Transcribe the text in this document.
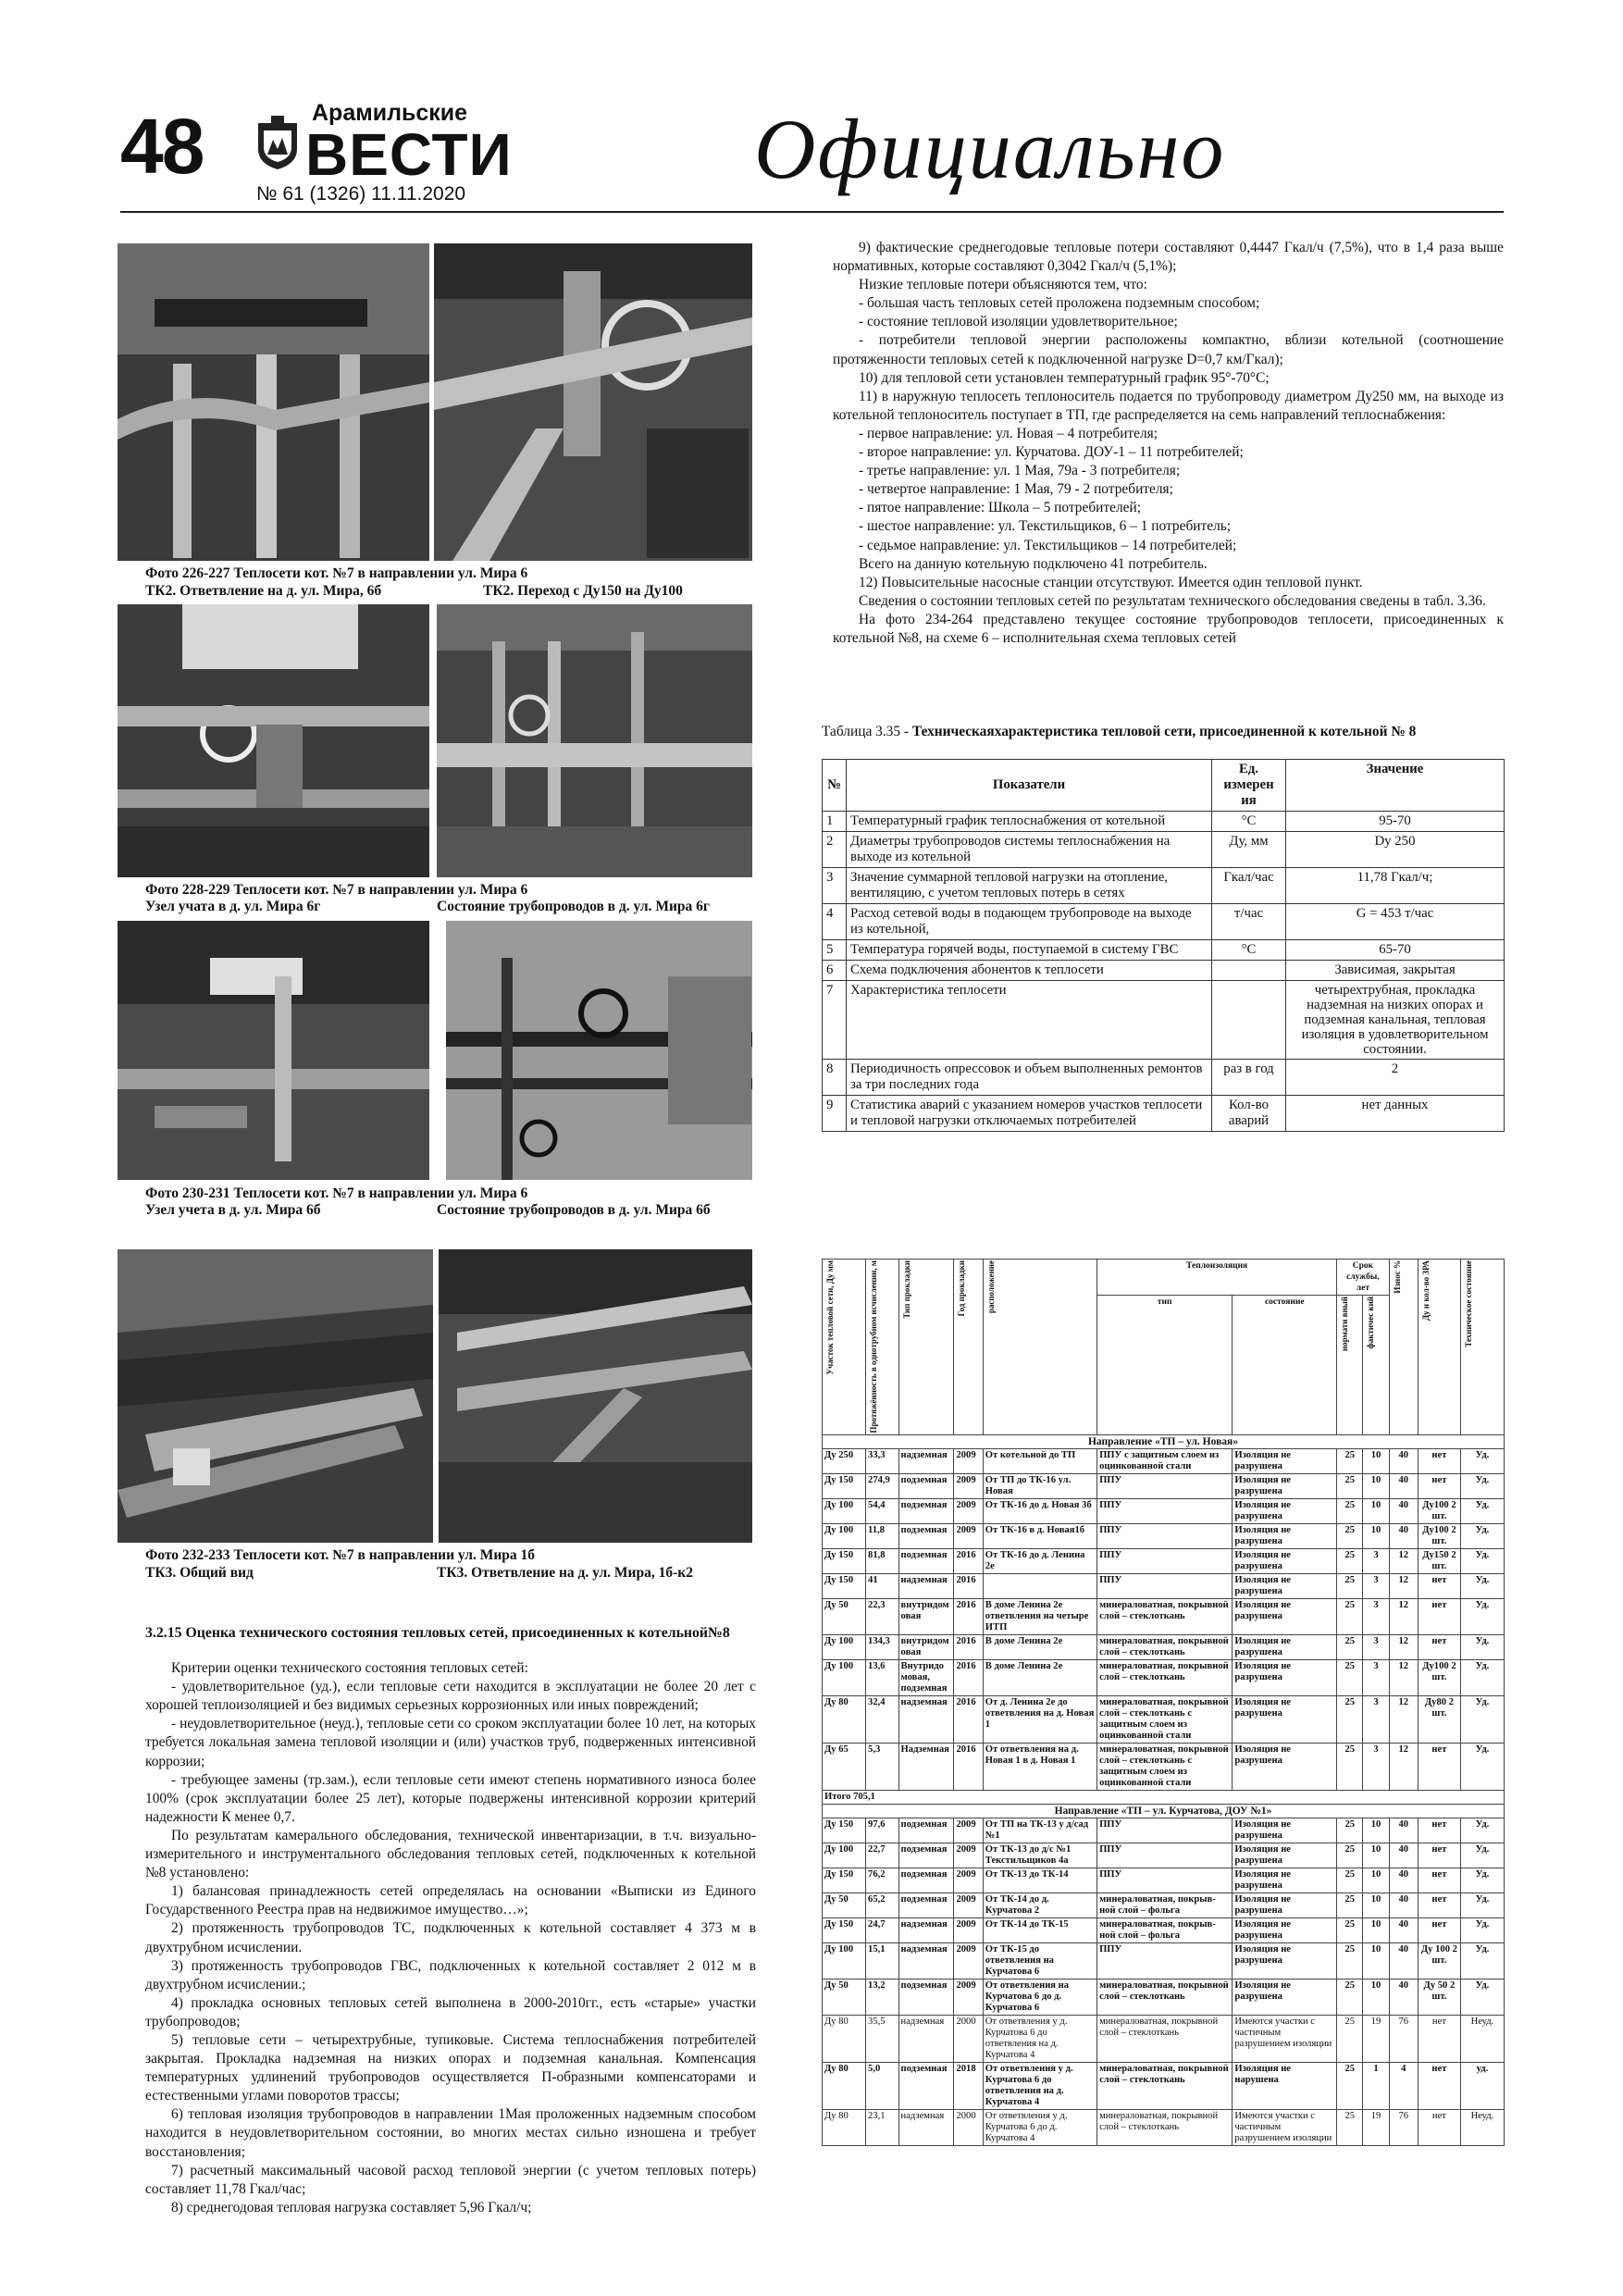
48	Арамильские
ВЕСТИ
№ 61 (1326) 11.11.2020	Официально
Фото 226-227 Теплосети кот. №7 в направлении ул. Мира 6
ТК2. Ответвление на д. ул. Мира, 6б	ТК2. Переход с Ду150 на Ду100
Фото 228-229 Теплосети кот. №7 в направлении ул. Мира 6
Узел учата в д. ул. Мира 6г	Состояние трубопроводов в д. ул. Мира 6г
Фото 230-231 Теплосети кот. №7 в направлении ул. Мира 6
Узел учета в д. ул. Мира 6б	Состояние трубопроводов в д. ул. Мира 6б
Фото 232-233 Теплосети кот. №7 в направлении ул. Мира 1б
ТК3. Общий вид	ТК3. Ответвление на д. ул. Мира, 1б-к2
3.2.15 Оценка технического состояния тепловых сетей, присоединенных к котельной№8

Критерии оценки технического состояния тепловых сетей:

- удовлетворительное (уд.), если тепловые сети находится в эксплуатации не более 20 лет с хорошей теплоизоляцией и без видимых серьезных коррозионных или иных повреждений;

- неудовлетворительное (неуд.), тепловые сети со сроком эксплуатации более 10 лет, на которых требуется локальная замена тепловой изоляции и (или) участков труб, подверженных интенсивной коррозии;

- требующее замены (тр.зам.), если тепловые сети имеют степень нормативного износа более 100% (срок эксплуатации более 25 лет), которые подвержены интенсивной коррозии критерий надежности К менее 0,7.

По результатам камерального обследования, технической инвентаризации, в т.ч. визуально-измерительного и инструментального обследования тепловых сетей, подключенных к котельной №8 установлено:

1) балансовая принадлежность сетей определялась на основании «Выписки из Единого Государственного Реестра прав на недвижимое имущество…»;

2) протяженность трубопроводов ТС, подключенных к котельной составляет 4 373 м в двухтрубном исчислении.

3) протяженность трубопроводов ГВС, подключенных к котельной составляет 2 012 м в двухтрубном исчислении.;

4) прокладка основных тепловых сетей выполнена в 2000-2010гг., есть «старые» участки трубопроводов;

5) тепловые сети – четырехтрубные, тупиковые. Система теплоснабжения потребителей закрытая. Прокладка надземная на низких опорах и подземная канальная. Компенсация температурных удлинений трубопроводов осуществляется П-образными компенсаторами и естественными углами поворотов трассы;

6) тепловая изоляция трубопроводов в направлении 1Мая проложенных надземным способом находится в неудовлетворительном состоянии, во многих местах сильно изношена и требует восстановления;

7) расчетный максимальный часовой расход тепловой энергии (с учетом тепловых потерь) составляет 11,78 Гкал/час;

8) среднегодовая тепловая нагрузка составляет 5,96 Гкал/ч;

9) фактические среднегодовые тепловые потери составляют 0,4447 Гкал/ч (7,5%), что в 1,4 раза выше нормативных, которые составляют 0,3042 Гкал/ч (5,1%);

Низкие тепловые потери объясняются тем, что:

- большая часть тепловых сетей проложена подземным способом;

- состояние тепловой изоляции удовлетворительное;

- потребители тепловой энергии расположены компактно, вблизи котельной (соотношение протяженности тепловых сетей к подключенной нагрузке D=0,7 км/Гкал);

10) для тепловой сети установлен температурный график 95°-70°С;

11) в наружную теплосеть теплоноситель подается по трубопроводу диаметром Ду250 мм, на выходе из котельной теплоноситель поступает в ТП, где распределяется на семь направлений теплоснабжения:

- первое направление: ул. Новая – 4 потребителя;

- второе направление: ул. Курчатова. ДОУ-1 – 11 потребителей;

- третье направление: ул. 1 Мая, 79а - 3 потребителя;

- четвертое направление: 1 Мая, 79 - 2 потребителя;

- пятое направление: Школа – 5 потребителей;

- шестое направление: ул. Текстильщиков, 6 – 1 потребитель;

- седьмое направление: ул. Текстильщиков – 14 потребителей;

Всего на данную котельную подключено 41 потребитель.

12) Повысительные насосные станции отсутствуют. Имеется один тепловой пункт.

Сведения о состоянии тепловых сетей по результатам технического обследования сведены в табл. 3.36.

На фото 234-264 представлено текущее состояние трубопроводов теплосети, присоединенных к котельной №8, на схеме 6 – исполнительная схема тепловых сетей

Таблица 3.35 - Техническаяхарактеристика тепловой сети, присоединенной к котельной № 8
№	Показатели	Ед. измерен ия	Значение
1	Температурный график теплоснабжения от котельной	°С	95-70
2	Диаметры трубопроводов системы теплоснабжения на выходе из котельной	Ду, мм	Dy 250
3	Значение суммарной тепловой нагрузки на отопление, вентиляцию, с учетом тепловых потерь в сетях	Гкал/час	11,78 Гкал/ч;
4	Расход сетевой воды в подающем трубопроводе на выходе из котельной,	т/час	G = 453 т/час
5	Температура горячей воды, поступаемой в систему ГВС	°С	65-70
6	Схема подключения абонентов к теплосети		Зависимая, закрытая
7	Характеристика теплосети		четырехтрубная, прокладка надземная на низких опорах и подземная канальная, тепловая изоляция в удовлетворительном состоянии.
8	Периодичность опрессовок и объем выполненных ремонтов за три последних года	раз в год	2
9	Статистика аварий с указанием номеров участков теплосети и тепловой нагрузки отключаемых потребителей	Кол-во аварий	нет данных
Участок тепловой сети, Ду мм	Протяжённость в однотрубном исчислении, м	Тип прокладки	Год прокладки	расположение	Теплоизоляция		Срок службы, лет		Износ %	Ду и кол-во ЗРА	Техническое состояние

					тип	состояние	нормати вный	фактичес кий			

Направление «ТП – ул. Новая»											
Ду 250	33,3	надземная	2009	От котельной до ТП	ППУ с защитным слоем из оцинкованной стали	Изоляция не разрушена	25	10	40	нет	Уд.
Ду 150	274,9	подземная	2009	От ТП до ТК-16 ул. Новая	ППУ	Изоляция не разрушена	25	10	40	нет	Уд.
Ду 100	54,4	подземная	2009	От ТК-16 до д. Новая 3б	ППУ	Изоляция не разрушена	25	10	40	Ду100 2 шт.	Уд.
Ду 100	11,8	подземная	2009	От ТК-16 в д. Новая1б	ППУ	Изоляция не разрушена	25	10	40	Ду100 2 шт.	Уд.
Ду 150	81,8	подземная	2016	От ТК-16 до д. Ленина 2е	ППУ	Изоляция не разрушена	25	3	12	Ду150 2 шт.	Уд.
Ду 150	41	надземная	2016		ППУ	Изоляция не разрушена	25	3	12	нет	Уд.
Ду 50	22,3	внутридом овая	2016	В доме Ленина 2е ответвления на четыре ИТП	минераловатная, покрывной слой – стеклоткань	Изоляция не разрушена	25	3	12	нет	Уд.
Ду 100	134,3	внутридом овая	2016	В доме Ленина 2е	минераловатная, покрывной слой – стеклоткань	Изоляция не разрушена	25	3	12	нет	Уд.
Ду 100	13,6	Внутридо мовая, подземная	2016	В доме Ленина 2е	минераловатная, покрывной слой – стеклоткань	Изоляция не разрушена	25	3	12	Ду100 2 шт.	Уд.
Ду 80	32,4	надземная	2016	От д. Ленина 2е до ответвления на д. Новая 1	минераловатная, покрывной слой – стеклоткань с защитным слоем из оцинкованной стали	Изоляция не разрушена	25	3	12	Ду80 2 шт.	Уд.
Ду 65	5,3	Надземная	2016	От ответвления на д. Новая 1 в д. Новая 1	минераловатная, покрывной слой – стеклоткань с защитным слоем из оцинкованной стали	Изоляция не разрушена	25	3	12	нет	Уд.
Итого 705,1											
Направление «ТП – ул. Курчатова, ДОУ №1»											
Ду 150	97,6	подземная	2009	От ТП на ТК-13 у д/сад №1	ППУ	Изоляция не разрушена	25	10	40	нет	Уд.
Ду 100	22,7	подземная	2009	От ТК-13 до д/с №1 Текстильщиков 4а	ППУ	Изоляция не разрушена	25	10	40	нет	Уд.
Ду 150	76,2	подземная	2009	От ТК-13 до ТК-14	ППУ	Изоляция не разрушена	25	10	40	нет	Уд.
Ду 50	65,2	подземная	2009	От ТК-14 до д. Курчатова 2	минераловатная, покрыв-ной слой – фольга	Изоляция не разрушена	25	10	40	нет	Уд.
Ду 150	24,7	надземная	2009	От ТК-14 до ТК-15	минераловатная, покрыв-ной слой – фольга	Изоляция не разрушена	25	10	40	нет	Уд.
Ду 100	15,1	надземная	2009	От ТК-15 до ответвления на Курчатова 6	ППУ	Изоляция не разрушена	25	10	40	Ду 100 2 шт.	Уд.
Ду 50	13,2	подземная	2009	От ответвления на Курчатова 6 до д. Курчатова 6	минераловатная, покрывной слой – стеклоткань	Изоляция не разрушена	25	10	40	Ду 50 2 шт.	Уд.
Ду 80	35,5	надземная	2000	От ответвления у д. Курчатова 6 до ответвления на д. Курчатова 4	минераловатная, покрывной слой – стеклоткань	Имеются участки с частичным разрушением изоляции	25	19	76	нет	Неуд.
Ду 80	5,0	подземная	2018	От ответвления у д. Курчатова 6 до ответвления на д. Курчатова 4	минераловатная, покрывной слой – стеклоткань	Изоляция не нарушена	25	1	4	нет	уд.
Ду 80	23,1	надземная	2000	От ответвления у д. Курчатова 6 до д. Курчатова 4	минераловатная, покрывной слой – стеклоткань	Имеются участки с частичным разрушением изоляции	25	19	76	нет	Неуд.
